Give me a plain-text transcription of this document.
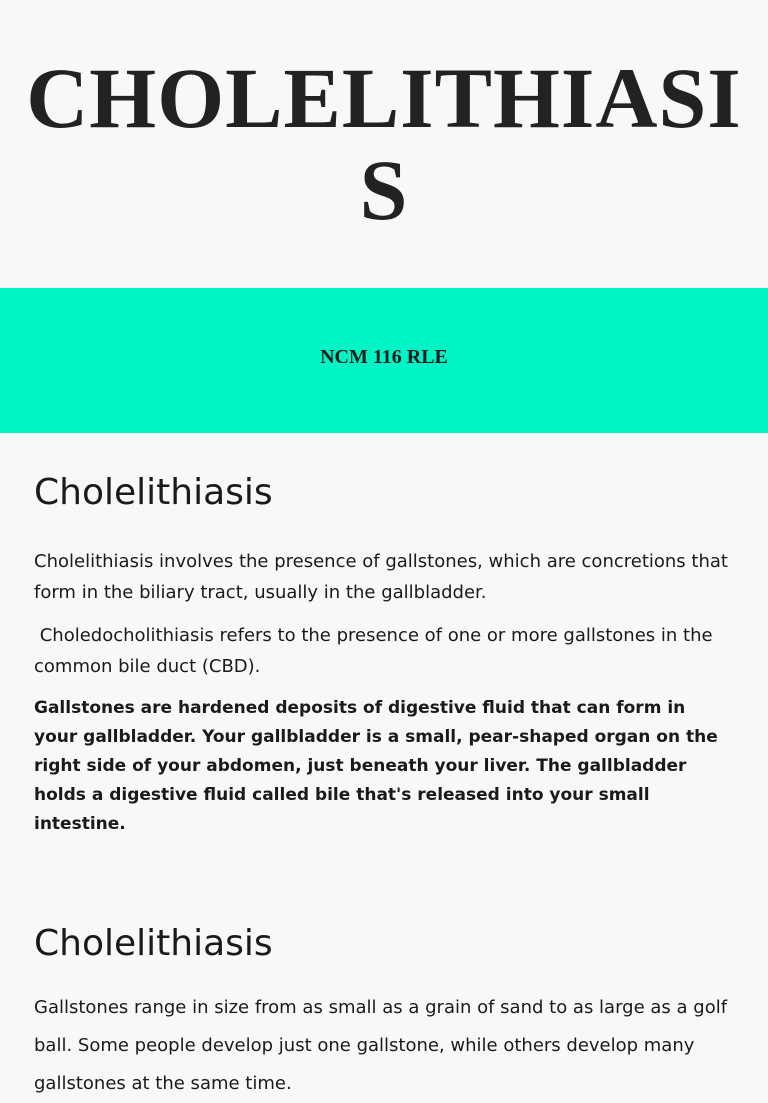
CHOLELITHIASIS
NCM 116 RLE
Cholelithiasis

Cholelithiasis involves the presence of gallstones, which are concretions that form in the biliary tract, usually in the gallbladder.

Choledocholithiasis refers to the presence of one or more gallstones in the common bile duct (CBD).

Gallstones are hardened deposits of digestive fluid that can form in your gallbladder. Your gallbladder is a small, pear-shaped organ on the right side of your abdomen, just beneath your liver. The gallbladder holds a digestive fluid called bile that's released into your small intestine.

Cholelithiasis

Gallstones range in size from as small as a grain of sand to as large as a golf ball. Some people develop just one gallstone, while others develop many gallstones at the same time.
